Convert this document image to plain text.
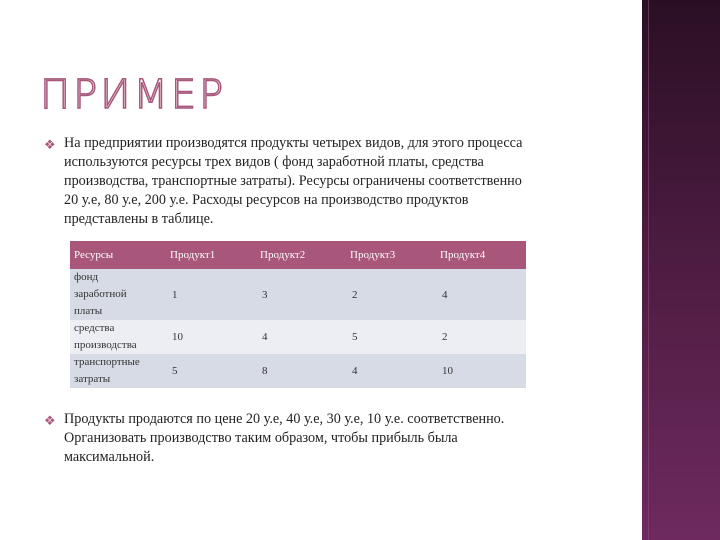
ПРИМЕР
❖ На предприятии производятся продукты четырех видов, для этого процесса
используются ресурсы трех видов ( фонд заработной платы, средства
производства, транспортные затраты). Ресурсы ограничены соответственно
20 у.е, 80 у.е, 200 у.е. Расходы ресурсов на производство продуктов
представлены в таблице.
Ресурсы	Продукт1	Продукт2	Продукт3	Продукт4

фонд
заработной
платы	1	3	2	4

средства
производства	10	4	5	2

транспортные
затраты	5	8	4	10
❖ Продукты продаются по цене 20 у.е, 40 у.е, 30 у.е, 10 у.е. соответственно.
Организовать производство таким образом, чтобы прибыль была
максимальной.
